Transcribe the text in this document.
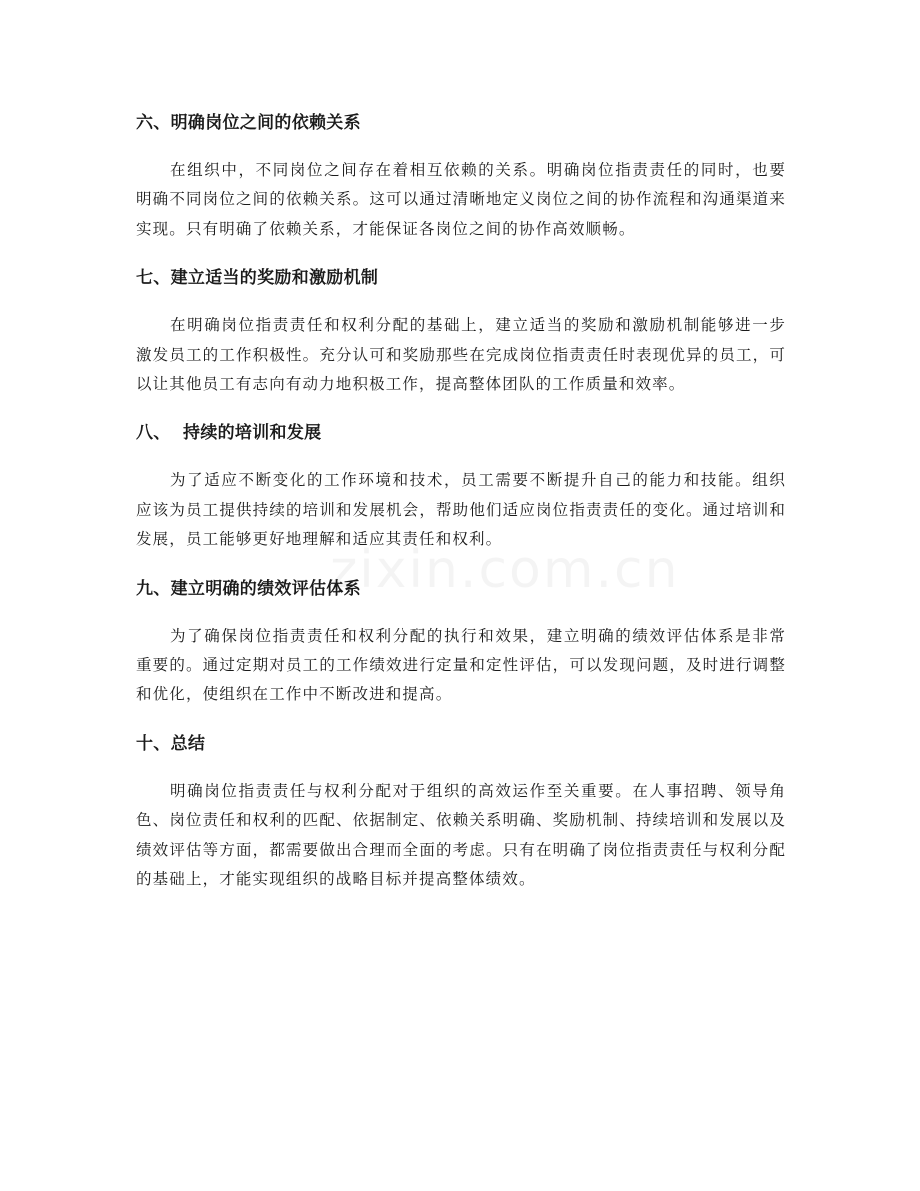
六、明确岗位之间的依赖关系

在组织中，不同岗位之间存在着相互依赖的关系。明确岗位指责责任的同时，也要明确不同岗位之间的依赖关系。这可以通过清晰地定义岗位之间的协作流程和沟通渠道来实现。只有明确了依赖关系，才能保证各岗位之间的协作高效顺畅。

七、建立适当的奖励和激励机制

在明确岗位指责责任和权利分配的基础上，建立适当的奖励和激励机制能够进一步激发员工的工作积极性。充分认可和奖励那些在完成岗位指责责任时表现优异的员工，可以让其他员工有志向有动力地积极工作，提高整体团队的工作质量和效率。

八、  持续的培训和发展

为了适应不断变化的工作环境和技术，员工需要不断提升自己的能力和技能。组织应该为员工提供持续的培训和发展机会，帮助他们适应岗位指责责任的变化。通过培训和发展，员工能够更好地理解和适应其责任和权利。

九、建立明确的绩效评估体系

为了确保岗位指责责任和权利分配的执行和效果，建立明确的绩效评估体系是非常重要的。通过定期对员工的工作绩效进行定量和定性评估，可以发现问题，及时进行调整和优化，使组织在工作中不断改进和提高。

十、总结

明确岗位指责责任与权利分配对于组织的高效运作至关重要。在人事招聘、领导角色、岗位责任和权利的匹配、依据制定、依赖关系明确、奖励机制、持续培训和发展以及绩效评估等方面，都需要做出合理而全面的考虑。只有在明确了岗位指责责任与权利分配的基础上，才能实现组织的战略目标并提高整体绩效。
